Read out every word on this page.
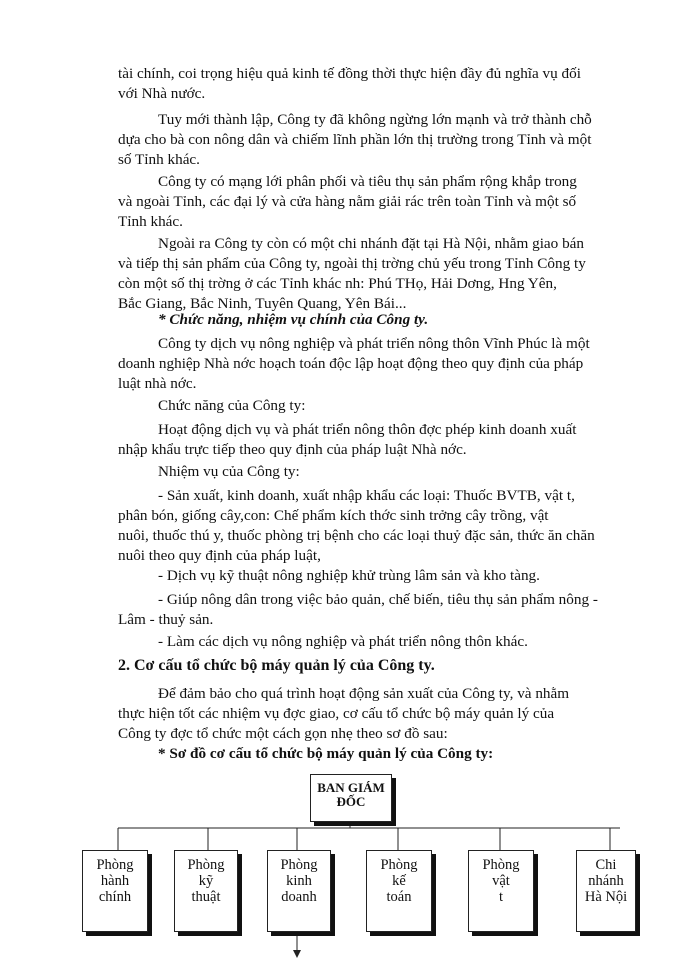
tài chính, coi trọng hiệu quả kinh tế đồng thời thực hiện đầy đủ nghĩa vụ đối
với Nhà nước.
Tuy mới thành lập, Công ty đã không ngừng lớn mạnh và trở thành chỗ
dựa cho bà con nông dân và chiếm lĩnh phần lớn thị trường trong Tỉnh và một
số Tỉnh khác.
Công ty có mạng lới phân phối và tiêu thụ sản phẩm rộng khắp trong
và ngoài Tỉnh, các đại lý và cửa hàng nằm giải rác trên toàn Tỉnh và một số
Tỉnh khác.
Ngoài ra Công ty còn có một chi nhánh đặt tại Hà Nội, nhằm giao bán
và tiếp thị sản phẩm của Công ty, ngoài thị trờng chủ yếu trong Tỉnh Công ty
còn một số thị trờng ở các Tỉnh khác nh: Phú THọ, Hải Dơng, Hng Yên,
Bắc Giang, Bắc Ninh, Tuyên Quang, Yên Bái...
* Chức năng, nhiệm vụ chính của Công ty.
Công ty dịch vụ nông nghiệp và phát triển nông thôn Vĩnh Phúc là một
doanh nghiệp Nhà nớc hoạch toán độc lập hoạt động theo quy định của pháp
luật nhà nớc.
Chức năng của Công ty:
Hoạt động dịch vụ và phát triển nông thôn đợc phép kinh doanh xuất
nhập khẩu trực tiếp theo quy định của pháp luật Nhà nớc.
Nhiệm vụ của Công ty:
- Sản xuất, kinh doanh, xuất nhập khẩu các loại: Thuốc BVTB, vật t,
phân bón, giống cây,con: Chế phẩm kích thớc sinh trởng cây trồng, vật
nuôi, thuốc thú y, thuốc phòng trị bệnh cho các loại thuỷ đặc sản, thức ăn chăn
nuôi theo quy định của pháp luật,
- Dịch vụ kỹ thuật nông nghiệp khử trùng lâm sản và kho tàng.
- Giúp nông dân trong việc bảo quản, chế biến, tiêu thụ sản phẩm nông -
Lâm - thuỷ sản.
- Làm các dịch vụ nông nghiệp và phát triển nông thôn khác.
2. Cơ cấu tổ chức bộ máy quản lý của Công ty.
Để đảm bảo cho quá trình hoạt động sản xuất của Công ty, và nhằm
thực hiện tốt các nhiệm vụ đợc giao, cơ cấu tổ chức bộ máy quản lý của
Công ty đợc tổ chức một cách gọn nhẹ theo sơ đồ sau:
* Sơ đồ cơ cấu tổ chức bộ máy quản lý của Công ty:
BAN GIÁM
ĐỐC
Phòng
hành
chính
Phòng
kỹ
thuật
Phòng
kinh
doanh
Phòng
kế
toán
Phòng
vật
t
Chi
nhánh
Hà Nội
